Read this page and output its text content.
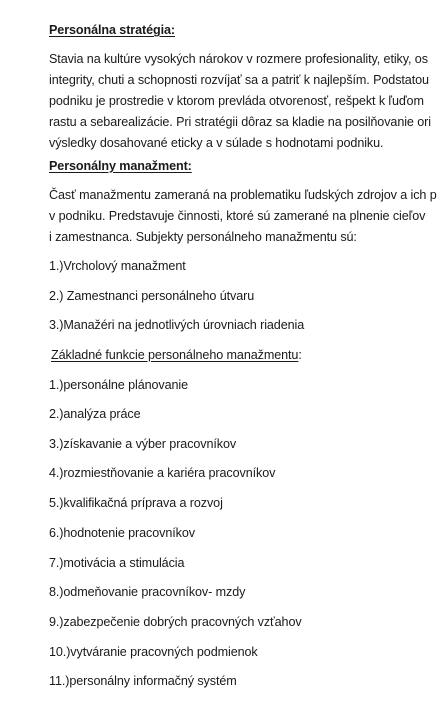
Personálna stratégia:
Stavia na kultúre vysokých nárokov v rozmere profesionality, etiky, os
integrity, chuti a schopnosti rozvíjať sa a patriť k najlepším. Podstatou
podniku je prostredie v ktorom prevláda otvorenosť, rešpekt k ľuďom
rastu a sebarealizácie. Pri stratégii dôraz sa kladie na posilňovanie ori
výsledky dosahované eticky a v súlade s hodnotami podniku.
Personálny manažment:
Časť manažmentu zameraná na problematiku ľudských zdrojov a ich p
v podniku. Predstavuje činnosti, ktoré sú zamerané na plnenie cieľov
i zamestnanca. Subjekty personálneho manažmentu sú:
1.)Vrcholový manažment
2.) Zamestnanci personálneho útvaru
3.)Manažéri na jednotlivých úrovniach riadenia
Základné funkcie personálneho manažmentu:
1.)personálne plánovanie
2.)analýza práce
3.)získavanie a výber pracovníkov
4.)rozmiestňovanie a kariéra pracovníkov
5.)kvalifikačná príprava a rozvoj
6.)hodnotenie pracovníkov
7.)motivácia a stimulácia
8.)odmeňovanie pracovníkov- mzdy
9.)zabezpečenie dobrých pracovných vzťahov
10.)vytváranie pracovných podmienok
11.)personálny informačný systém
